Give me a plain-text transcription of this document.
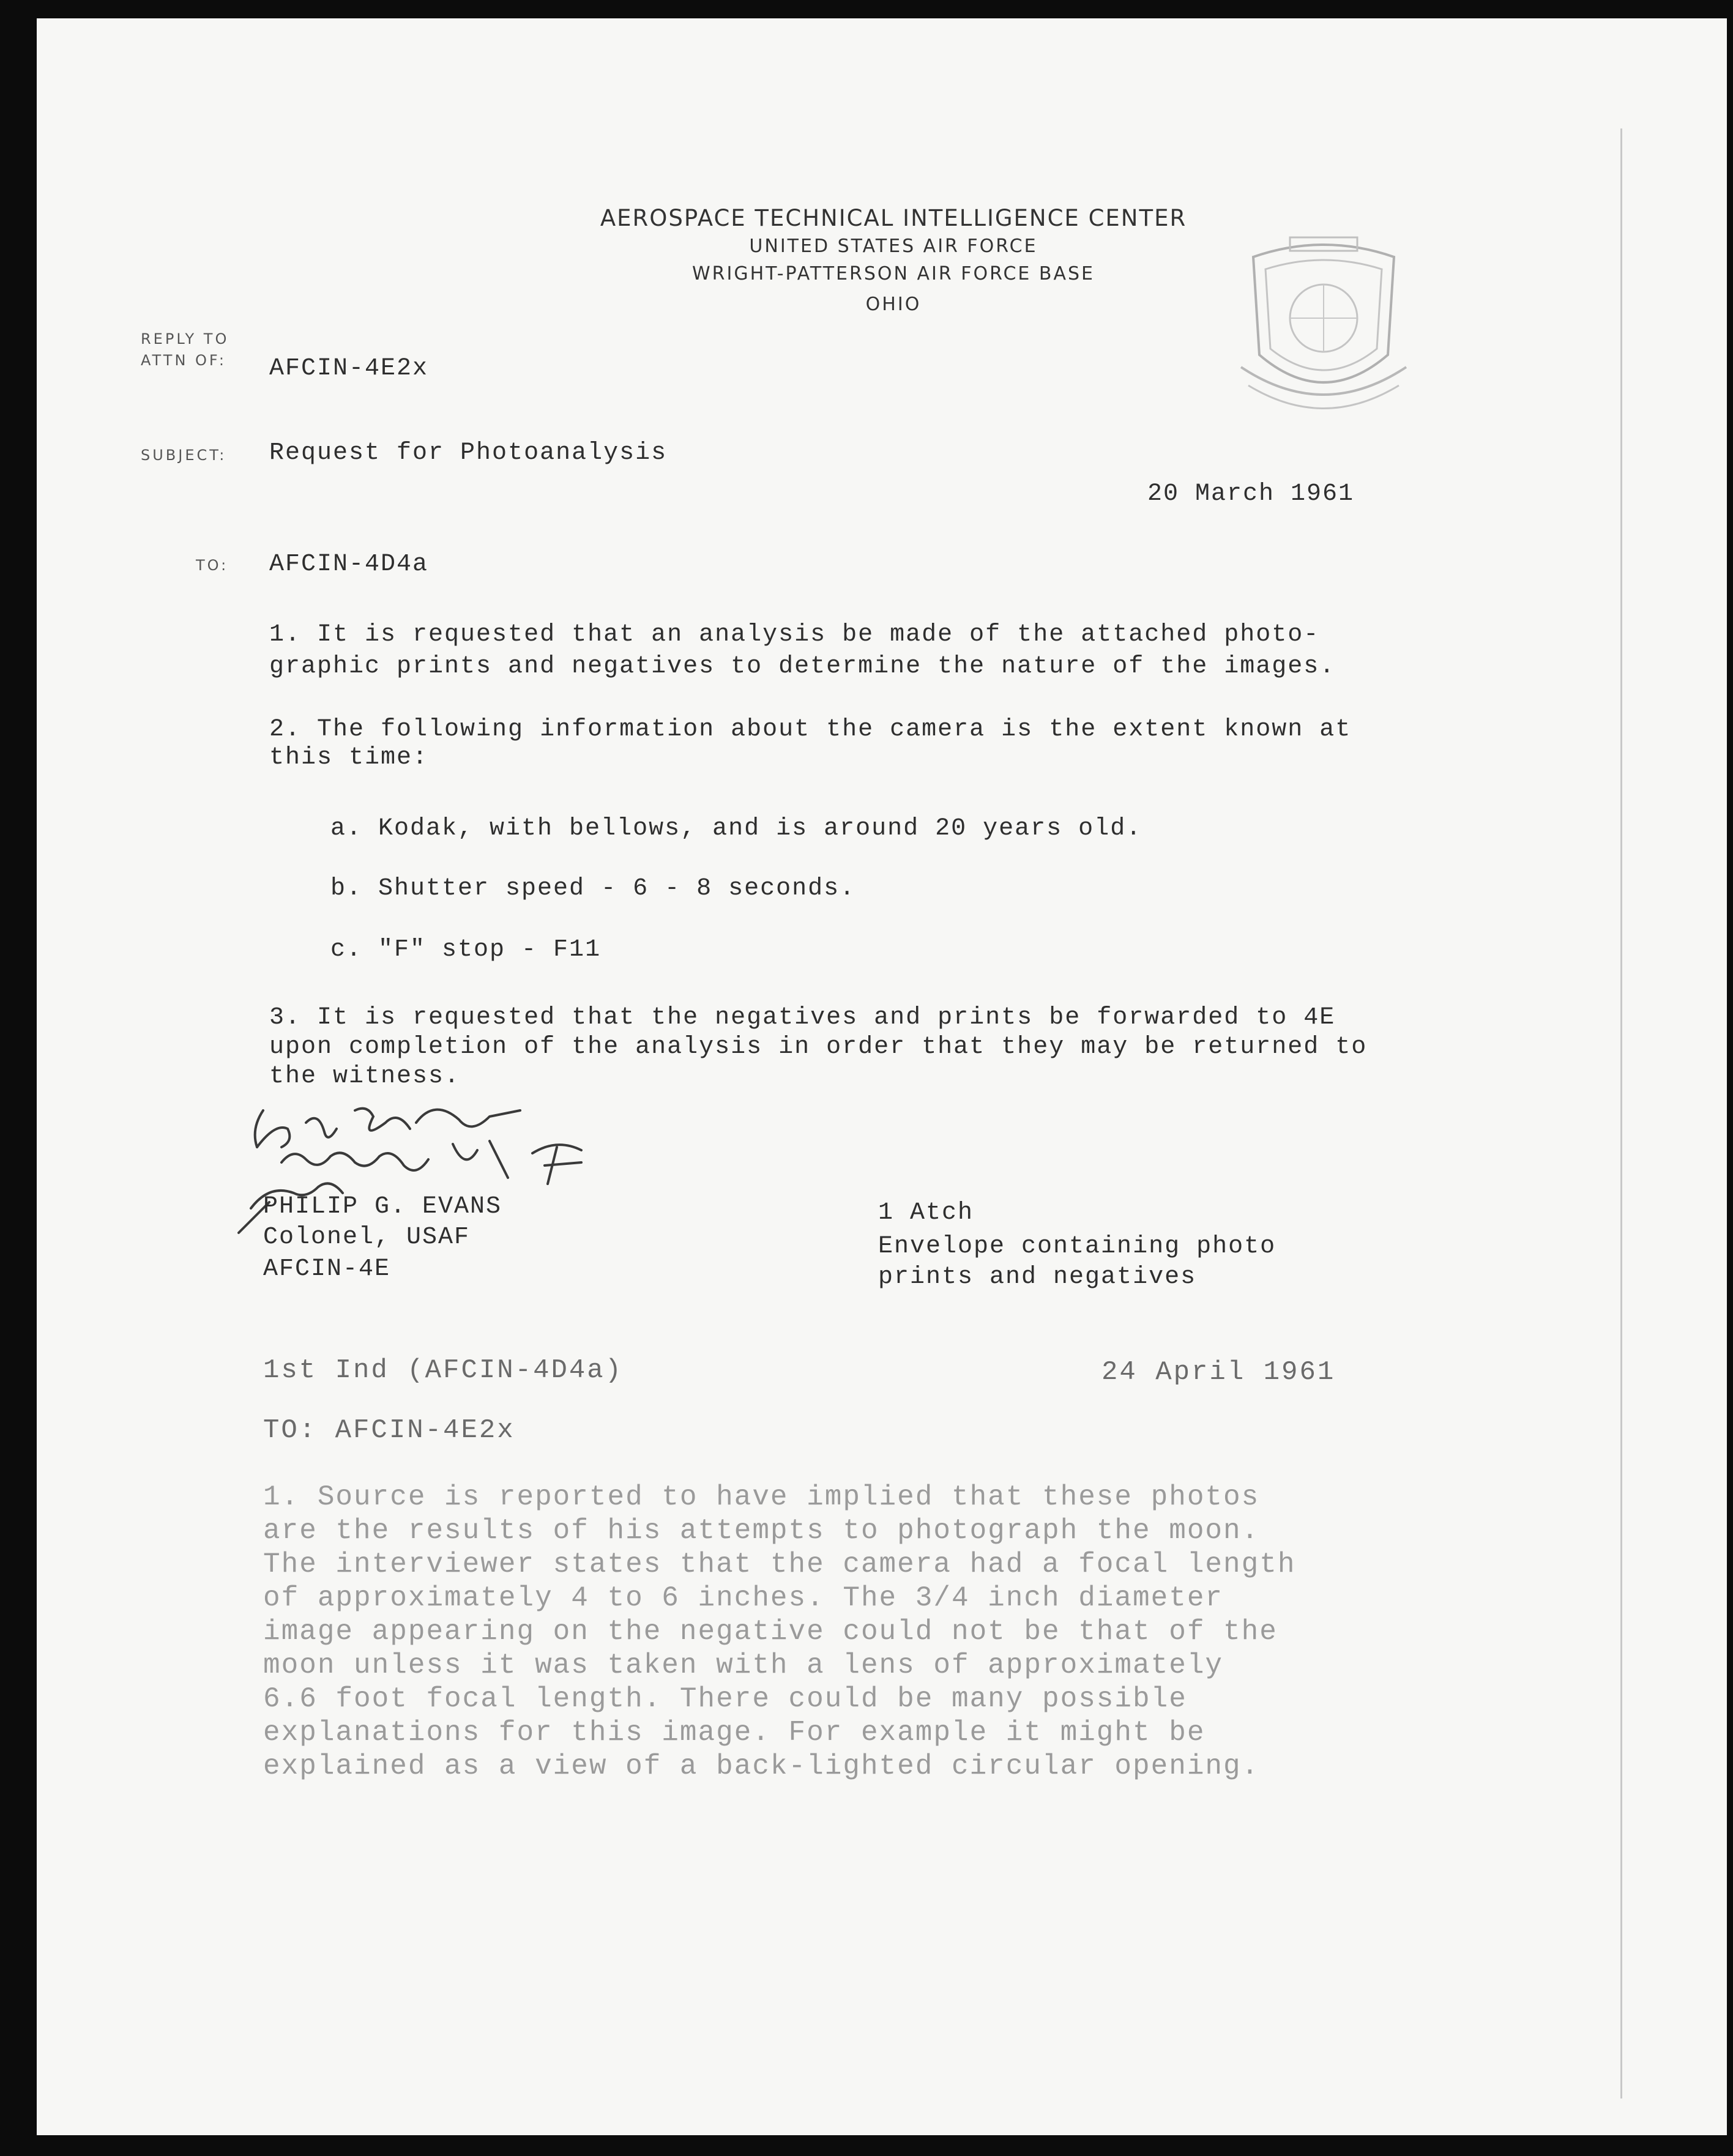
AEROSPACE TECHNICAL INTELLIGENCE CENTER
UNITED STATES AIR FORCE
WRIGHT-PATTERSON AIR FORCE BASE
OHIO
REPLY TO
ATTN OF: AFCIN-4E2x
SUBJECT: Request for Photoanalysis
20 March 1961
TO: AFCIN-4D4a
1. It is requested that an analysis be made of the attached photo-
graphic prints and negatives to determine the nature of the images.
2. The following information about the camera is the extent known at
this time:
a. Kodak, with bellows, and is around 20 years old.
b. Shutter speed - 6 - 8 seconds.
c. "F" stop - F11
3. It is requested that the negatives and prints be forwarded to 4E
upon completion of the analysis in order that they may be returned to
the witness.
PHILIP G. EVANS
Colonel, USAF
AFCIN-4E
1 Atch
Envelope containing photo
prints and negatives
1st Ind (AFCIN-4D4a)	24 April 1961
TO: AFCIN-4E2x
1. Source is reported to have implied that these photos
are the results of his attempts to photograph the moon.
The interviewer states that the camera had a focal length
of approximately 4 to 6 inches. The 3/4 inch diameter
image appearing on the negative could not be that of the
moon unless it was taken with a lens of approximately
6.6 foot focal length. There could be many possible
explanations for this image. For example it might be
explained as a view of a back-lighted circular opening.
